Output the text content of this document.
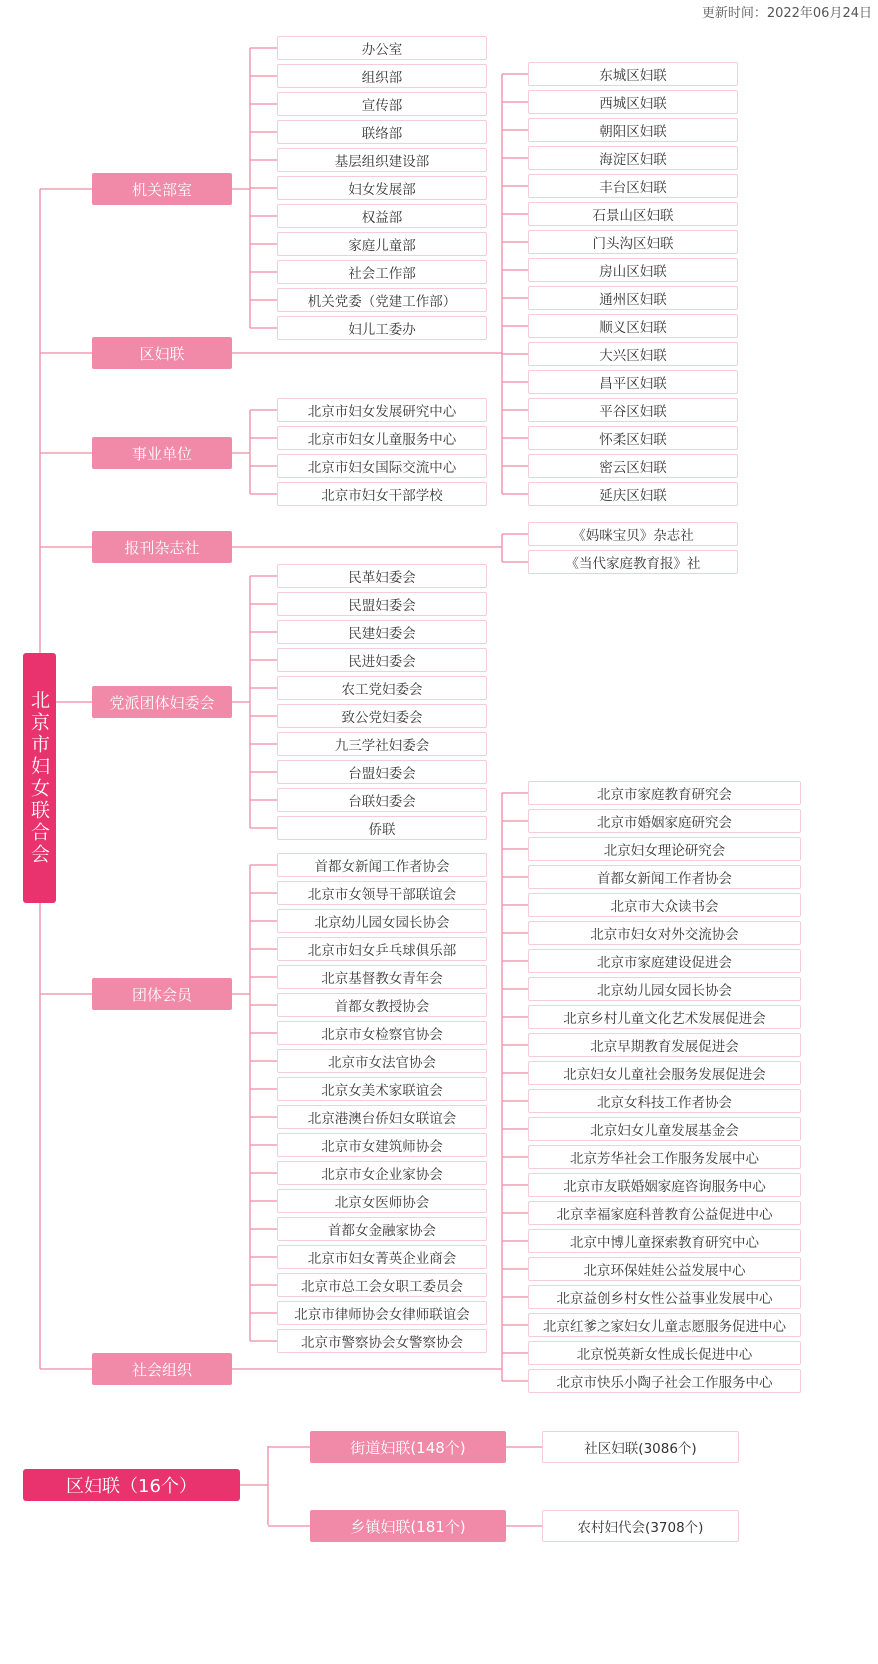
更新时间：2022年06月24日
北京市妇女联合会
机关部室
办公室
组织部
宣传部
联络部
基层组织建设部
妇女发展部
权益部
家庭儿童部
社会工作部
机关党委（党建工作部）
妇儿工委办
区妇联
东城区妇联
西城区妇联
朝阳区妇联
海淀区妇联
丰台区妇联
石景山区妇联
门头沟区妇联
房山区妇联
通州区妇联
顺义区妇联
大兴区妇联
昌平区妇联
平谷区妇联
怀柔区妇联
密云区妇联
延庆区妇联
事业单位
北京市妇女发展研究中心
北京市妇女儿童服务中心
北京市妇女国际交流中心
北京市妇女干部学校
报刊杂志社
《妈咪宝贝》杂志社
《当代家庭教育报》社
党派团体妇委会
民革妇委会
民盟妇委会
民建妇委会
民进妇委会
农工党妇委会
致公党妇委会
九三学社妇委会
台盟妇委会
台联妇委会
侨联
团体会员
首都女新闻工作者协会
北京市女领导干部联谊会
北京幼儿园女园长协会
北京市妇女乒乓球俱乐部
北京基督教女青年会
首都女教授协会
北京市女检察官协会
北京市女法官协会
北京女美术家联谊会
北京港澳台侨妇女联谊会
北京市女建筑师协会
北京市女企业家协会
北京女医师协会
首都女金融家协会
北京市妇女菁英企业商会
北京市总工会女职工委员会
北京市律师协会女律师联谊会
北京市警察协会女警察协会
社会组织
北京市家庭教育研究会
北京市婚姻家庭研究会
北京妇女理论研究会
首都女新闻工作者协会
北京市大众读书会
北京市妇女对外交流协会
北京市家庭建设促进会
北京幼儿园女园长协会
北京乡村儿童文化艺术发展促进会
北京早期教育发展促进会
北京妇女儿童社会服务发展促进会
北京女科技工作者协会
北京妇女儿童发展基金会
北京芳华社会工作服务发展中心
北京市友联婚姻家庭咨询服务中心
北京幸福家庭科普教育公益促进中心
北京中博儿童探索教育研究中心
北京环保娃娃公益发展中心
北京益创乡村女性公益事业发展中心
北京红爹之家妇女儿童志愿服务促进中心
北京悦英新女性成长促进中心
北京市快乐小陶子社会工作服务中心
区妇联（16个）
街道妇联(148个)	社区妇联(3086个)
乡镇妇联(181个)	农村妇代会(3708个)
